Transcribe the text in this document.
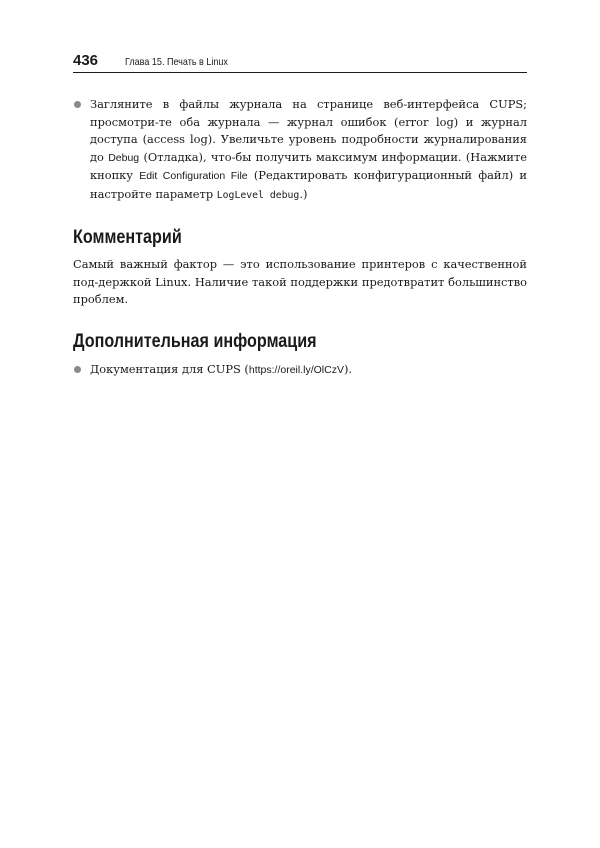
436	Глава 15. Печать в Linux
Загляните в файлы журнала на странице веб-интерфейса CUPS; просмотри-те оба журнала — журнал ошибок (error log) и журнал доступа (access log). Увеличьте уровень подробности журналирования до Debug (Отладка), что-бы получить максимум информации. (Нажмите кнопку Edit Configuration File (Редактировать конфигурационный файл) и настройте параметр LogLevel debug.)
Комментарий

Самый важный фактор — это использование принтеров с качественной под-держкой Linux. Наличие такой поддержки предотвратит большинство проблем.

Дополнительная информация
Документация для CUPS (https://oreil.ly/OlCzV).
